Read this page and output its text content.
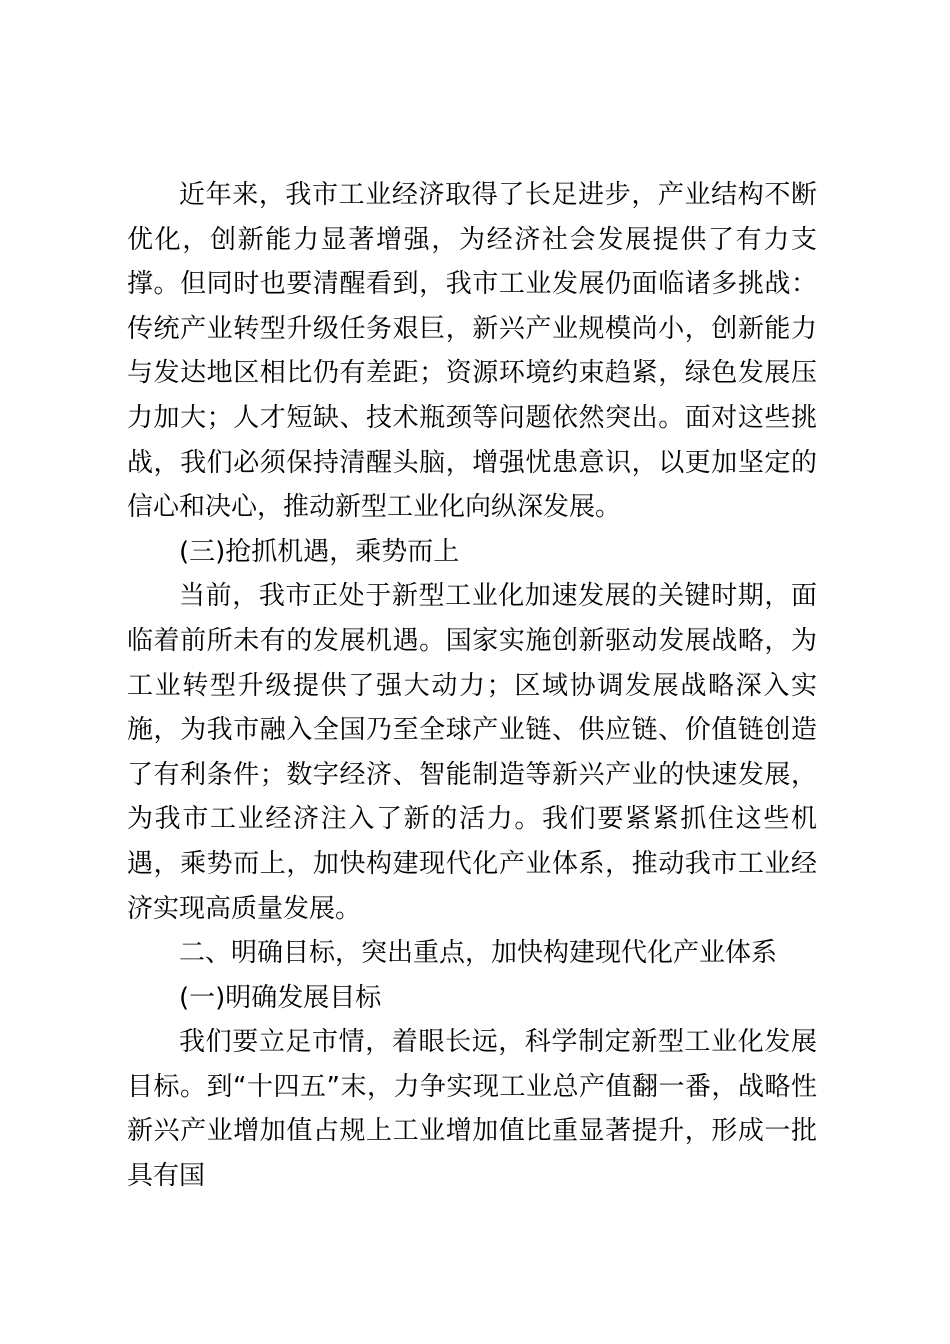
近年来，我市工业经济取得了长足进步，产业结构不断优化，创新能力显著增强，为经济社会发展提供了有力支撑。但同时也要清醒看到，我市工业发展仍面临诸多挑战：传统产业转型升级任务艰巨，新兴产业规模尚小，创新能力与发达地区相比仍有差距；资源环境约束趋紧，绿色发展压力加大；人才短缺、技术瓶颈等问题依然突出。面对这些挑战，我们必须保持清醒头脑，增强忧患意识，以更加坚定的信心和决心，推动新型工业化向纵深发展。

(三)抢抓机遇，乘势而上

当前，我市正处于新型工业化加速发展的关键时期，面临着前所未有的发展机遇。国家实施创新驱动发展战略，为工业转型升级提供了强大动力；区域协调发展战略深入实施，为我市融入全国乃至全球产业链、供应链、价值链创造了有利条件；数字经济、智能制造等新兴产业的快速发展，为我市工业经济注入了新的活力。我们要紧紧抓住这些机遇，乘势而上，加快构建现代化产业体系，推动我市工业经济实现高质量发展。

二、明确目标，突出重点，加快构建现代化产业体系

(一)明确发展目标

我们要立足市情，着眼长远，科学制定新型工业化发展目标。到“十四五”末，力争实现工业总产值翻一番，战略性新兴产业增加值占规上工业增加值比重显著提升，形成一批具有国
